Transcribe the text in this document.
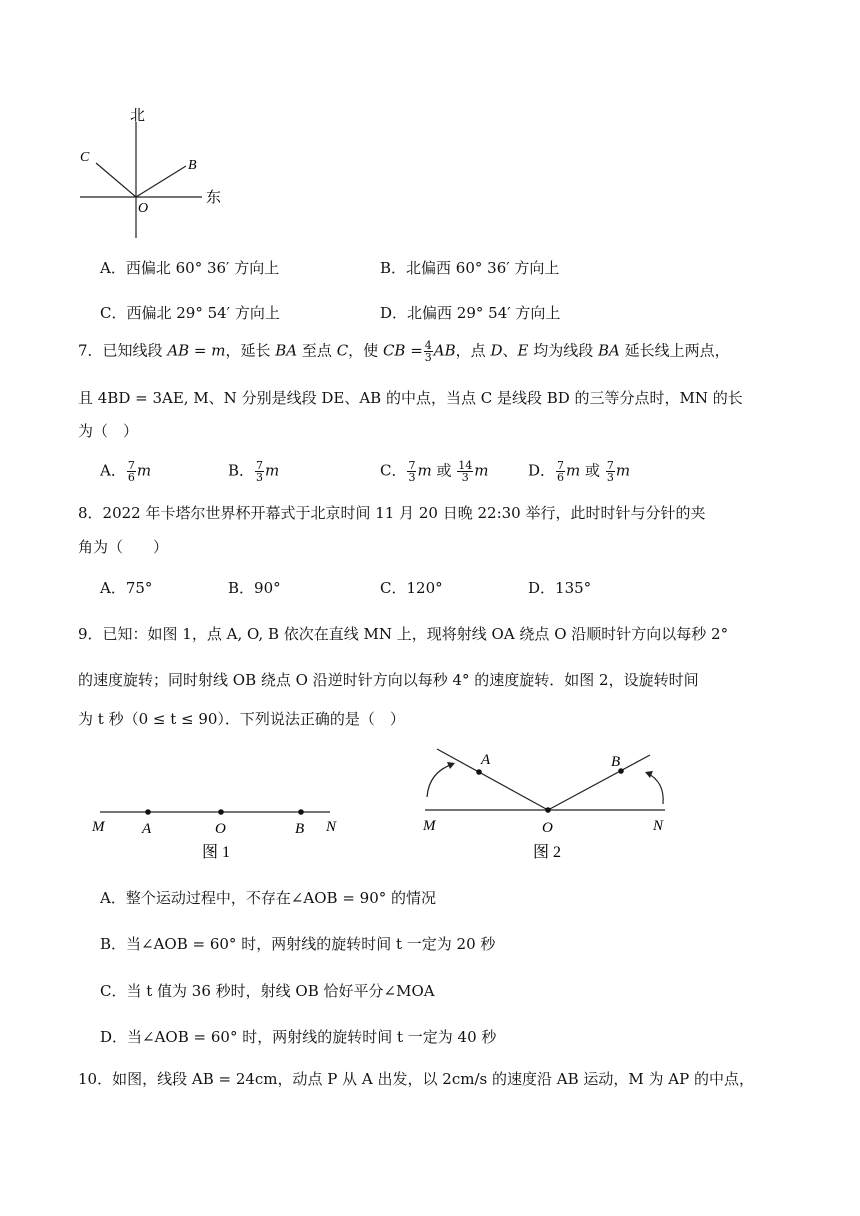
北
东
C
B
O
A．西偏北 60° 36′ 方向上	B．北偏西 60° 36′ 方向上
C．西偏北 29° 54′ 方向上	D．北偏西 29° 54′ 方向上
7．已知线段 AB = m，延长 BA 至点 C，使 CB = $\frac{4}{3}$ AB，点 D、E 均为线段 BA 延长线上两点，
且 4BD = 3AE, M、N 分别是线段 DE、AB 的中点，当点 C 是线段 BD 的三等分点时，MN 的长
为（　）
A． $\frac{7}{6}$ m	B． $\frac{7}{3}$ m	C． $\frac{7}{3}$ m 或 $\frac{14}{3}$ m	D． $\frac{7}{6}$ m 或 $\frac{7}{3}$ m
8．2022 年卡塔尔世界杯开幕式于北京时间 11 月 20 日晚 22:30 举行，此时时针与分针的夹
角为（　　）
A．75°	B．90°	C．120°	D．135°
9．已知：如图 1，点 A, O, B 依次在直线 MN 上，现将射线 OA 绕点 O 沿顺时针方向以每秒 2°
的速度旋转；同时射线 OB 绕点 O 沿逆时针方向以每秒 4° 的速度旋转．如图 2，设旋转时间
为 t 秒（0 ≤ t ≤ 90）．下列说法正确的是（　）
M	A	O	B N
图 1
A	B
M	O	N
图 2
A．整个运动过程中，不存在∠AOB = 90° 的情况
B．当∠AOB = 60° 时，两射线的旋转时间 t 一定为 20 秒
C．当 t 值为 36 秒时，射线 OB 恰好平分∠MOA
D．当∠AOB = 60° 时，两射线的旋转时间 t 一定为 40 秒
10．如图，线段 AB = 24cm，动点 P 从 A 出发，以 2cm/s 的速度沿 AB 运动，M 为 AP 的中点，
